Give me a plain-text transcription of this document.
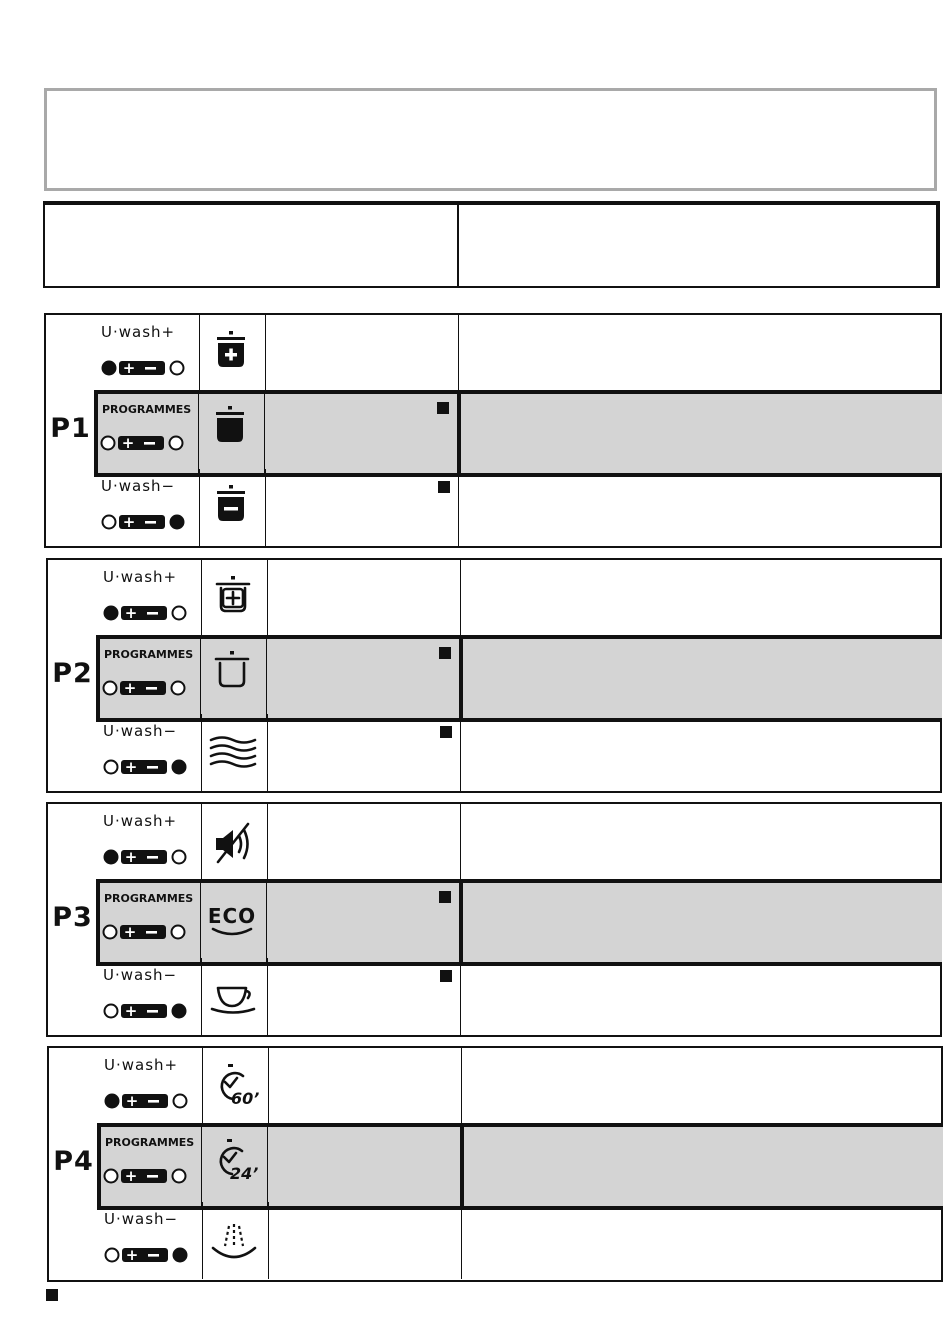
P1
U·wash+
+
PROGRAMMES
+
U·wash−
+
P2
U·wash+
+
PROGRAMMES
+
U·wash−
+
P3
U·wash+
+
PROGRAMMES
+
ECO
U·wash−
+
P4
U·wash+
+	60’
PROGRAMMES
+	24’
U·wash−
+
